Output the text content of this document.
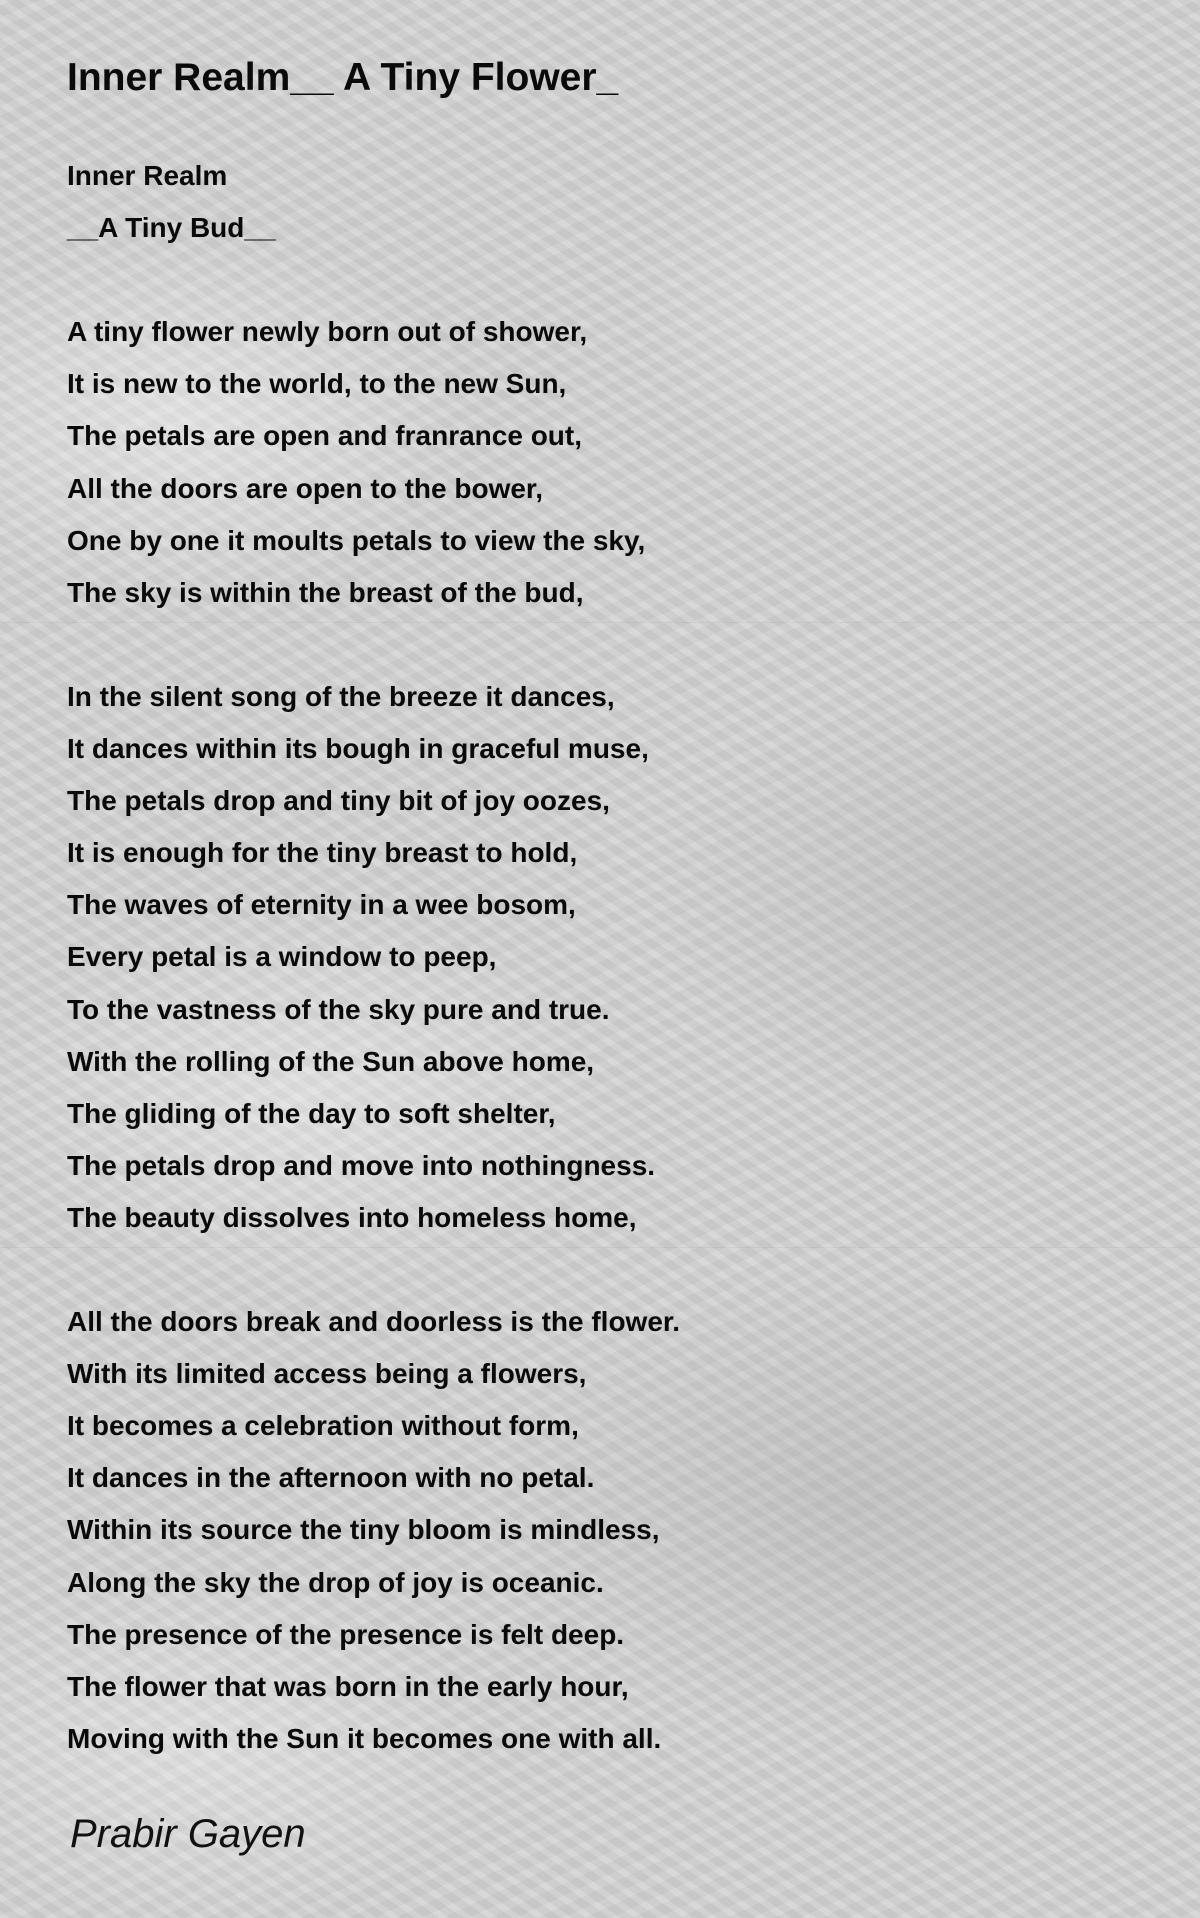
Inner Realm__ A Tiny Flower_
Inner Realm
__A Tiny Bud__
A tiny flower newly born out of shower,
It is new to the world, to the new Sun,
The petals are open and franrance out,
All the doors are open to the bower,
One by one it moults petals to view the sky,
The sky is within the breast of the bud,
In the silent song of the breeze it dances,
It dances within its bough in graceful muse,
The petals drop and tiny bit of joy oozes,
It is enough for the tiny breast to hold,
The waves of eternity in a wee bosom,
Every petal is a window to peep,
To the vastness of the sky pure and true.
With the rolling of the Sun above home,
The gliding of the day to soft shelter,
The petals drop and move into nothingness.
The beauty dissolves into homeless home,
All the doors break and doorless is the flower.
With its limited access being a flowers,
It becomes a celebration without form,
It dances in the afternoon with no petal.
Within its source the tiny bloom is mindless,
Along the sky the drop of joy is oceanic.
The presence of the presence is felt deep.
The flower that was born in the early hour,
Moving with the Sun it becomes one with all.
Prabir Gayen
